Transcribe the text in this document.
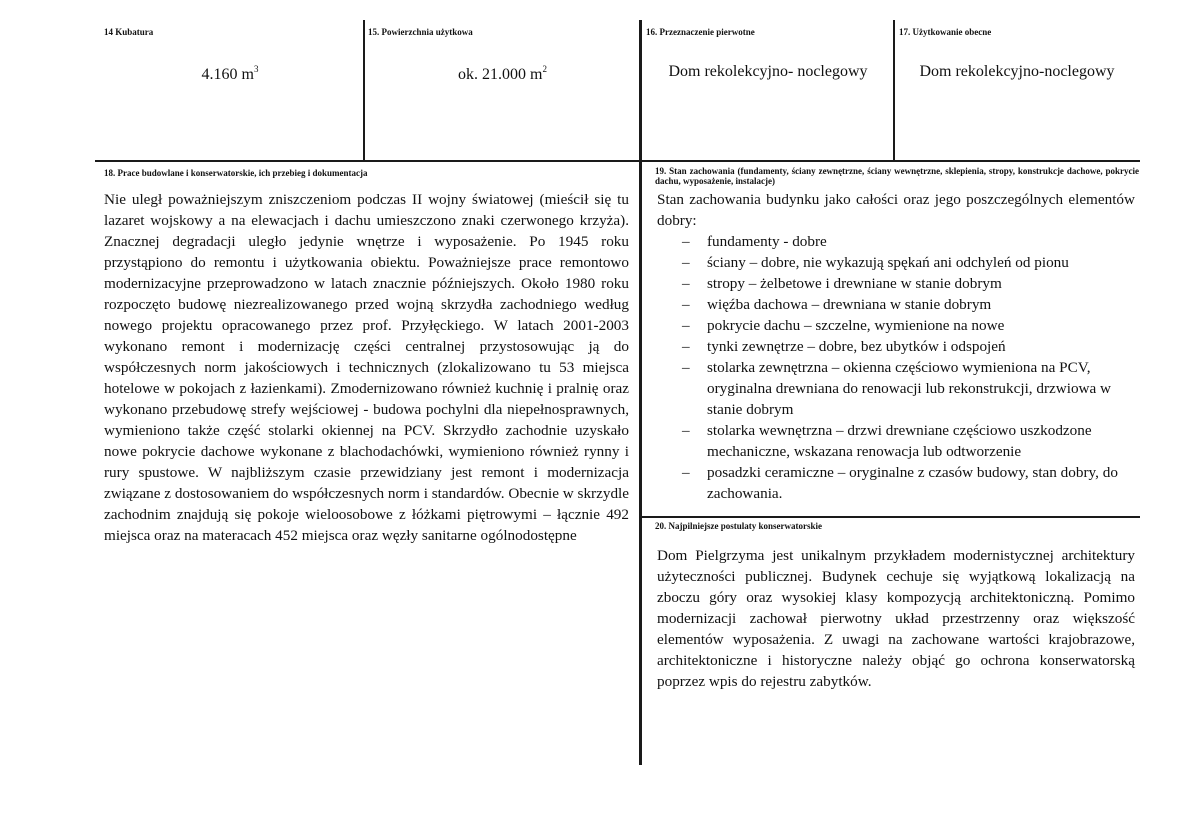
14 Kubatura
4.160 $m^3$
15. Powierzchnia użytkowa
ok. 21.000 $m^2$
16. Przeznaczenie pierwotne
Dom rekolekcyjno- noclegowy
17. Użytkowanie obecne
Dom rekolekcyjno-noclegowy
18. Prace budowlane i konserwatorskie, ich przebieg i dokumentacja
Nie uległ poważniejszym zniszczeniom podczas II wojny światowej (mieścił się tu lazaret wojskowy a na elewacjach i dachu umieszczono znaki czerwonego krzyża). Znacznej degradacji uległo jedynie wnętrze i wyposażenie. Po 1945 roku przystąpiono do remontu i użytkowania obiektu. Poważniejsze prace remontowo modernizacyjne przeprowadzono w latach znacznie późniejszych. Około 1980 roku rozpoczęto budowę niezrealizowanego przed wojną skrzydła zachodniego według nowego projektu opracowanego przez prof. Przyłęckiego. W latach 2001-2003 wykonano remont i modernizację części centralnej przystosowując ją do współczesnych norm jakościowych i technicznych (zlokalizowano tu 53 miejsca hotelowe w pokojach z łazienkami). Zmodernizowano również kuchnię i pralnię oraz wykonano przebudowę strefy wejściowej - budowa pochylni dla niepełnosprawnych, wymieniono także część stolarki okiennej na PCV. Skrzydło zachodnie uzyskało nowe pokrycie dachowe wykonane z blachodachówki, wymieniono również rynny i rury spustowe. W najbliższym czasie przewidziany jest remont i modernizacja związane z dostosowaniem do współczesnych norm i standardów. Obecnie w skrzydle zachodnim znajdują się pokoje wieloosobowe z łóżkami piętrowymi – łącznie 492 miejsca oraz na materacach 452 miejsca oraz węzły sanitarne ogólnodostępne
19. Stan zachowania (fundamenty, ściany zewnętrzne, ściany wewnętrzne, sklepienia, stropy, konstrukcje dachowe, pokrycie dachu, wyposażenie, instalacje)
Stan zachowania budynku jako całości oraz jego poszczególnych elementów dobry:
– fundamenty - dobre
– ściany – dobre, nie wykazują spękań ani odchyleń od pionu
– stropy – żelbetowe i drewniane w stanie dobrym
– więźba dachowa – drewniana w stanie dobrym
– pokrycie dachu – szczelne, wymienione na nowe
– tynki zewnętrze – dobre, bez ubytków i odspojeń
– stolarka zewnętrzna – okienna częściowo wymieniona na PCV, oryginalna drewniana do renowacji lub rekonstrukcji, drzwiowa w stanie dobrym
– stolarka wewnętrzna – drzwi drewniane częściowo uszkodzone mechaniczne, wskazana renowacja lub odtworzenie
– posadzki ceramiczne – oryginalne z czasów budowy, stan dobry, do zachowania.
20. Najpilniejsze postulaty konserwatorskie
Dom Pielgrzyma jest unikalnym przykładem modernistycznej architektury użyteczności publicznej. Budynek cechuje się wyjątkową lokalizacją na zboczu góry oraz wysokiej klasy kompozycją architektoniczną. Pomimo modernizacji zachował pierwotny układ przestrzenny oraz większość elementów wyposażenia. Z uwagi na zachowane wartości krajobrazowe, architektoniczne i historyczne należy objąć go ochrona konserwatorską poprzez wpis do rejestru zabytków.
